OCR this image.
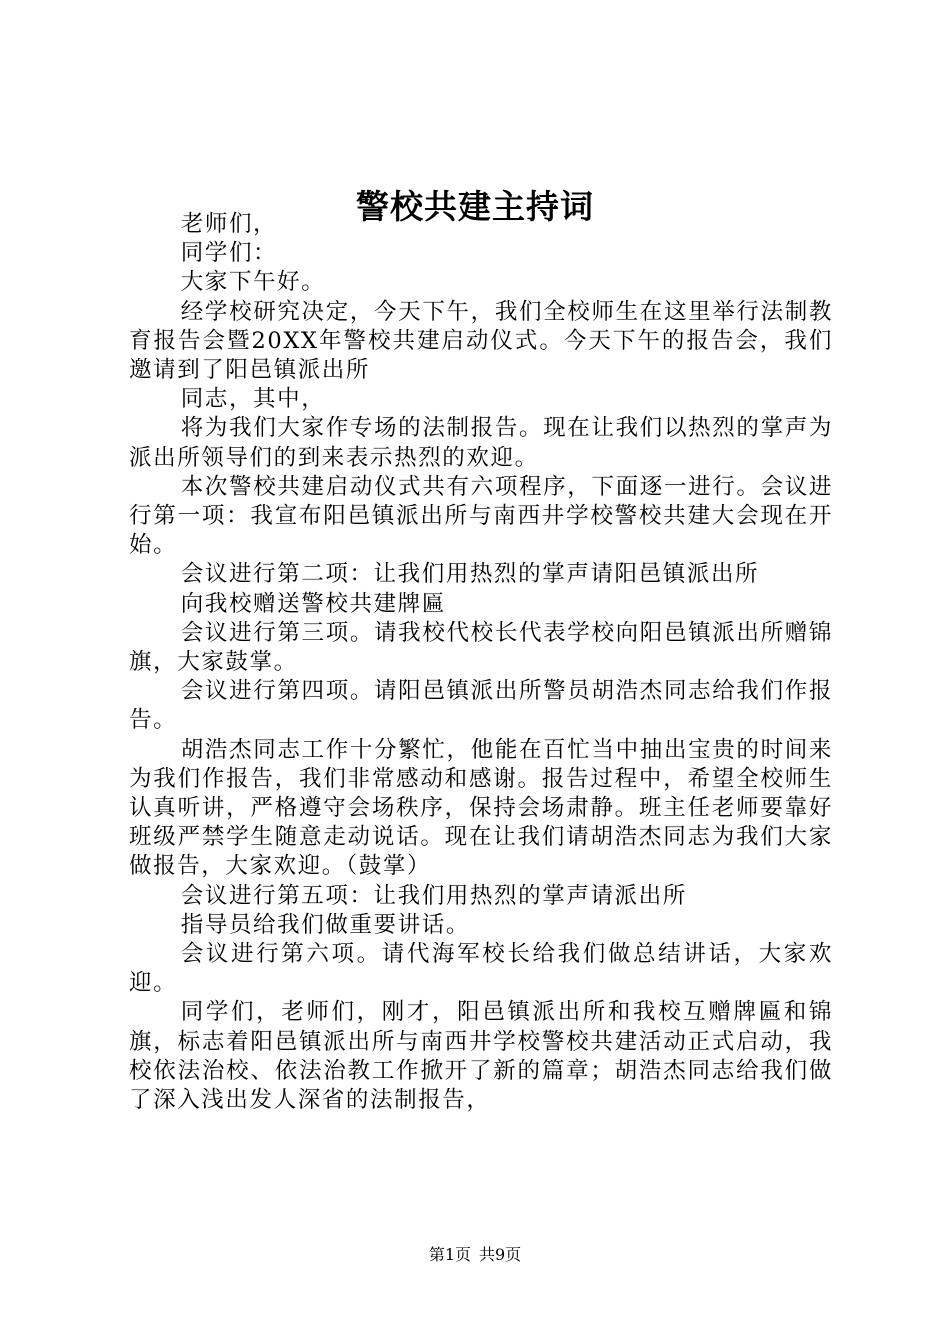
警校共建主持词

老师们，

同学们：

大家下午好。

经学校研究决定，今天下午，我们全校师生在这里举行法制教育报告会暨20XX年警校共建启动仪式。今天下午的报告会，我们邀请到了阳邑镇派出所

同志，其中，

将为我们大家作专场的法制报告。现在让我们以热烈的掌声为派出所领导们的到来表示热烈的欢迎。

本次警校共建启动仪式共有六项程序，下面逐一进行。会议进行第一项：我宣布阳邑镇派出所与南西井学校警校共建大会现在开始。

会议进行第二项：让我们用热烈的掌声请阳邑镇派出所

向我校赠送警校共建牌匾

会议进行第三项。请我校代校长代表学校向阳邑镇派出所赠锦旗，大家鼓掌。

会议进行第四项。请阳邑镇派出所警员胡浩杰同志给我们作报告。

胡浩杰同志工作十分繁忙，他能在百忙当中抽出宝贵的时间来为我们作报告，我们非常感动和感谢。报告过程中，希望全校师生认真听讲，严格遵守会场秩序，保持会场肃静。班主任老师要靠好班级严禁学生随意走动说话。现在让我们请胡浩杰同志为我们大家做报告，大家欢迎。（鼓掌）

会议进行第五项：让我们用热烈的掌声请派出所

指导员给我们做重要讲话。

会议进行第六项。请代海军校长给我们做总结讲话，大家欢迎。

同学们，老师们，刚才，阳邑镇派出所和我校互赠牌匾和锦旗，标志着阳邑镇派出所与南西井学校警校共建活动正式启动，我校依法治校、依法治教工作掀开了新的篇章；胡浩杰同志给我们做了深入浅出发人深省的法制报告，

第1页 共9页
